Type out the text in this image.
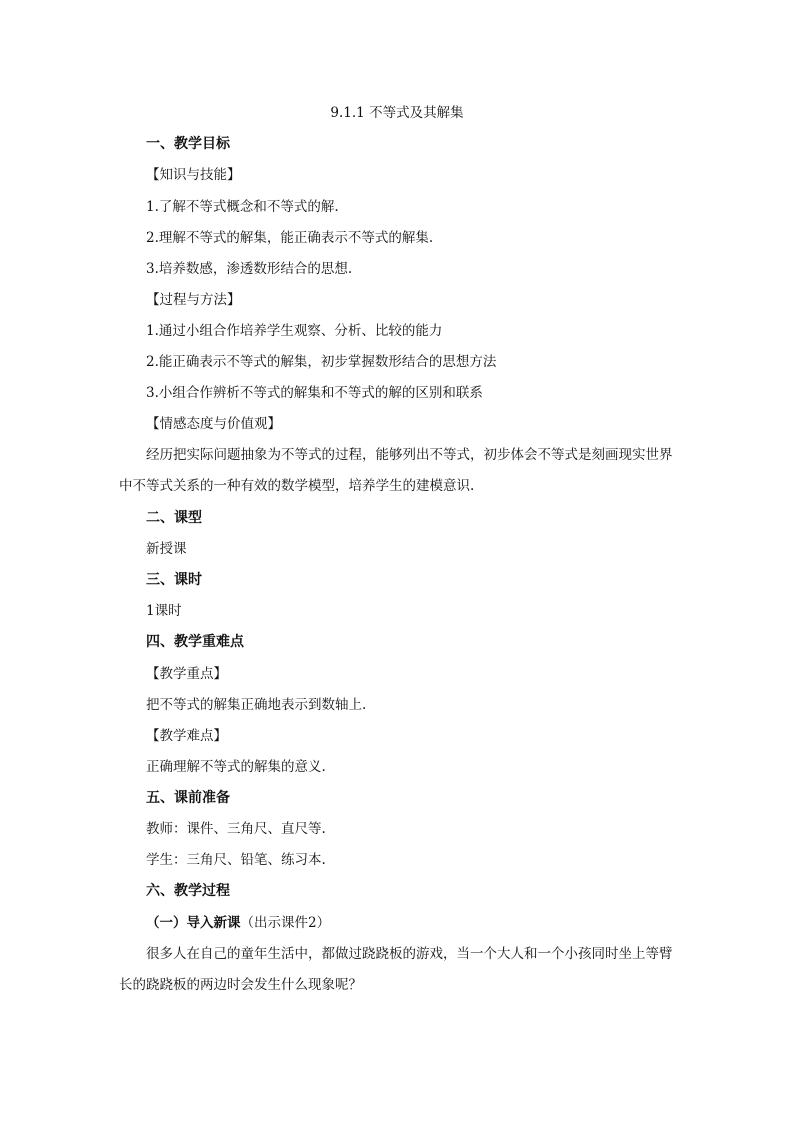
9.1.1 不等式及其解集
一、教学目标
【知识与技能】
1.了解不等式概念和不等式的解.
2.理解不等式的解集，能正确表示不等式的解集.
3.培养数感，渗透数形结合的思想.
【过程与方法】
1.通过小组合作培养学生观察、分析、比较的能力
2.能正确表示不等式的解集，初步掌握数形结合的思想方法
3.小组合作辨析不等式的解集和不等式的解的区别和联系
【情感态度与价值观】
经历把实际问题抽象为不等式的过程，能够列出不等式，初步体会不等式是刻画现实世界中不等式关系的一种有效的数学模型，培养学生的建模意识.
二、课型
新授课
三、课时
1课时
四、教学重难点
【教学重点】
把不等式的解集正确地表示到数轴上.
【教学难点】
正确理解不等式的解集的意义.
五、课前准备
教师：课件、三角尺、直尺等.
学生：三角尺、铅笔、练习本.
六、教学过程
（一）导入新课（出示课件2）
很多人在自己的童年生活中，都做过跷跷板的游戏，当一个大人和一个小孩同时坐上等臂长的跷跷板的两边时会发生什么现象呢？
